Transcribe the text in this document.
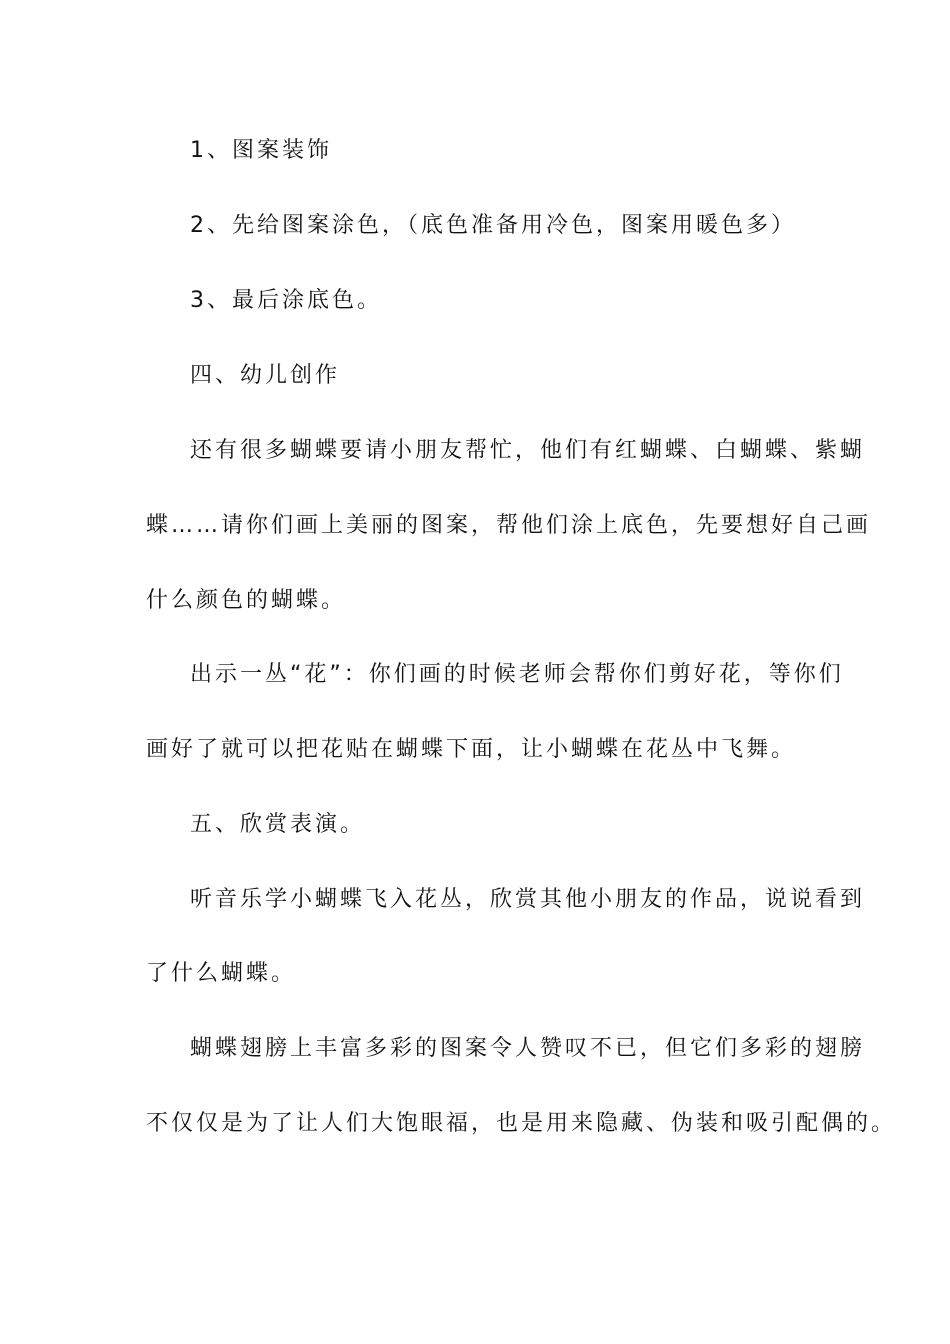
1、图案装饰
2、先给图案涂色，（底色准备用冷色，图案用暖色多）
3、最后涂底色。
四、幼儿创作
还有很多蝴蝶要请小朋友帮忙，他们有红蝴蝶、白蝴蝶、紫蝴
蝶……请你们画上美丽的图案，帮他们涂上底色，先要想好自己画
什么颜色的蝴蝶。
出示一丛“花”：你们画的时候老师会帮你们剪好花，等你们
画好了就可以把花贴在蝴蝶下面，让小蝴蝶在花丛中飞舞。
五、欣赏表演。
听音乐学小蝴蝶飞入花丛，欣赏其他小朋友的作品，说说看到
了什么蝴蝶。
蝴蝶翅膀上丰富多彩的图案令人赞叹不已，但它们多彩的翅膀
不仅仅是为了让人们大饱眼福，也是用来隐藏、伪装和吸引配偶的。
